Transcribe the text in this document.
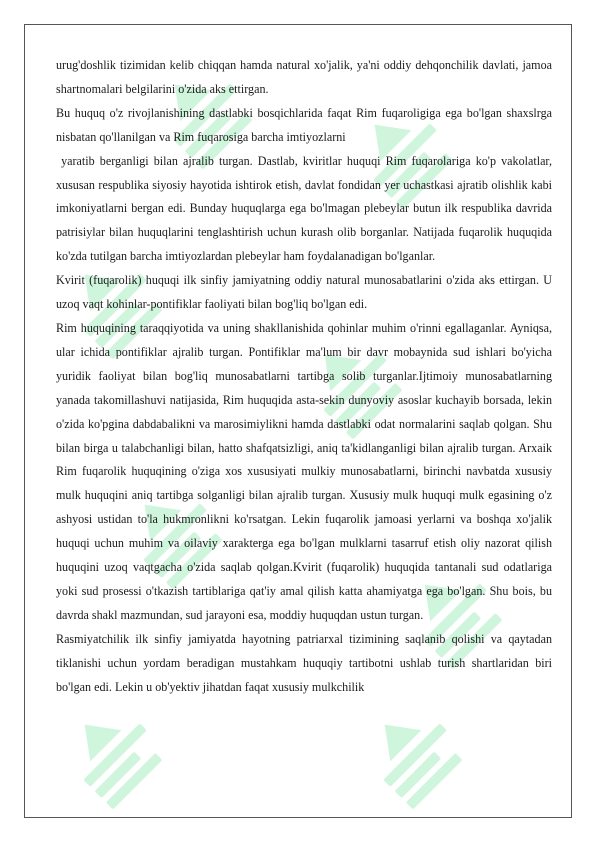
urug'doshlik tizimidan kelib chiqqan hamda natural xo'jalik, ya'ni oddiy dehqonchilik davlati, jamoa shartnomalari belgilarini o'zida aks ettirgan.

Bu huquq o'z rivojlanishining dastlabki bosqichlarida faqat Rim fuqaroligiga ega bo'lgan shaxslrga nisbatan qo'llanilgan va Rim fuqarosiga barcha imtiyozlarni

yaratib berganligi bilan ajralib turgan. Dastlab, kviritlar huquqi Rim fuqarolariga ko'p vakolatlar, xususan respublika siyosiy hayotida ishtirok etish, davlat fondidan yer uchastkasi ajratib olishlik kabi imkoniyatlarni bergan edi. Bunday huquqlarga ega bo'lmagan plebeylar butun ilk respublika davrida patrisiylar bilan huquqlarini tenglashtirish uchun kurash olib borganlar. Natijada fuqarolik huquqida ko'zda tutilgan barcha imtiyozlardan plebeylar ham foydalanadigan bo'lganlar.

Kvirit (fuqarolik) huquqi ilk sinfiy jamiyatning oddiy natural munosabatlarini o'zida aks ettirgan. U uzoq vaqt kohinlar-pontifiklar faoliyati bilan bog'liq bo'lgan edi.

Rim huquqining taraqqiyotida va uning shakllanishida qohinlar muhim o'rinni egallaganlar. Ayniqsa, ular ichida pontifiklar ajralib turgan. Pontifiklar ma'lum bir davr mobaynida sud ishlari bo'yicha yuridik faoliyat bilan bog'liq munosabatlarni tartibga solib turganlar.Ijtimoiy munosabatlarning yanada takomillashuvi natijasida, Rim huquqida asta-sekin dunyoviy asoslar kuchayib borsada, lekin o'zida ko'pgina dabdabalikni va marosimiylikni hamda dastlabki odat normalarini saqlab qolgan. Shu bilan birga u talabchanligi bilan, hatto shafqatsizligi, aniq ta'kidlanganligi bilan ajralib turgan. Arxaik Rim fuqarolik huquqining o'ziga xos xususiyati mulkiy munosabatlarni, birinchi navbatda xususiy mulk huquqini aniq tartibga solganligi bilan ajralib turgan. Xususiy mulk huquqi mulk egasining o'z ashyosi ustidan to'la hukmronlikni ko'rsatgan. Lekin fuqarolik jamoasi yerlarni va boshqa xo'jalik huquqi uchun muhim va oilaviy xarakterga ega bo'lgan mulklarni tasarruf etish oliy nazorat qilish huquqini uzoq vaqtgacha o'zida saqlab qolgan.Kvirit (fuqarolik) huquqida tantanali sud odatlariga yoki sud prosessi o'tkazish tartiblariga qat'iy amal qilish katta ahamiyatga ega bo'lgan. Shu bois, bu davrda shakl mazmundan, sud jarayoni esa, moddiy huquqdan ustun turgan.

Rasmiyatchilik ilk sinfiy jamiyatda hayotning patriarxal tizimining saqlanib qolishi va qaytadan tiklanishi uchun yordam beradigan mustahkam huquqiy tartibotni ushlab turish shartlaridan biri bo'lgan edi. Lekin u ob'yektiv jihatdan faqat xususiy mulkchilik
